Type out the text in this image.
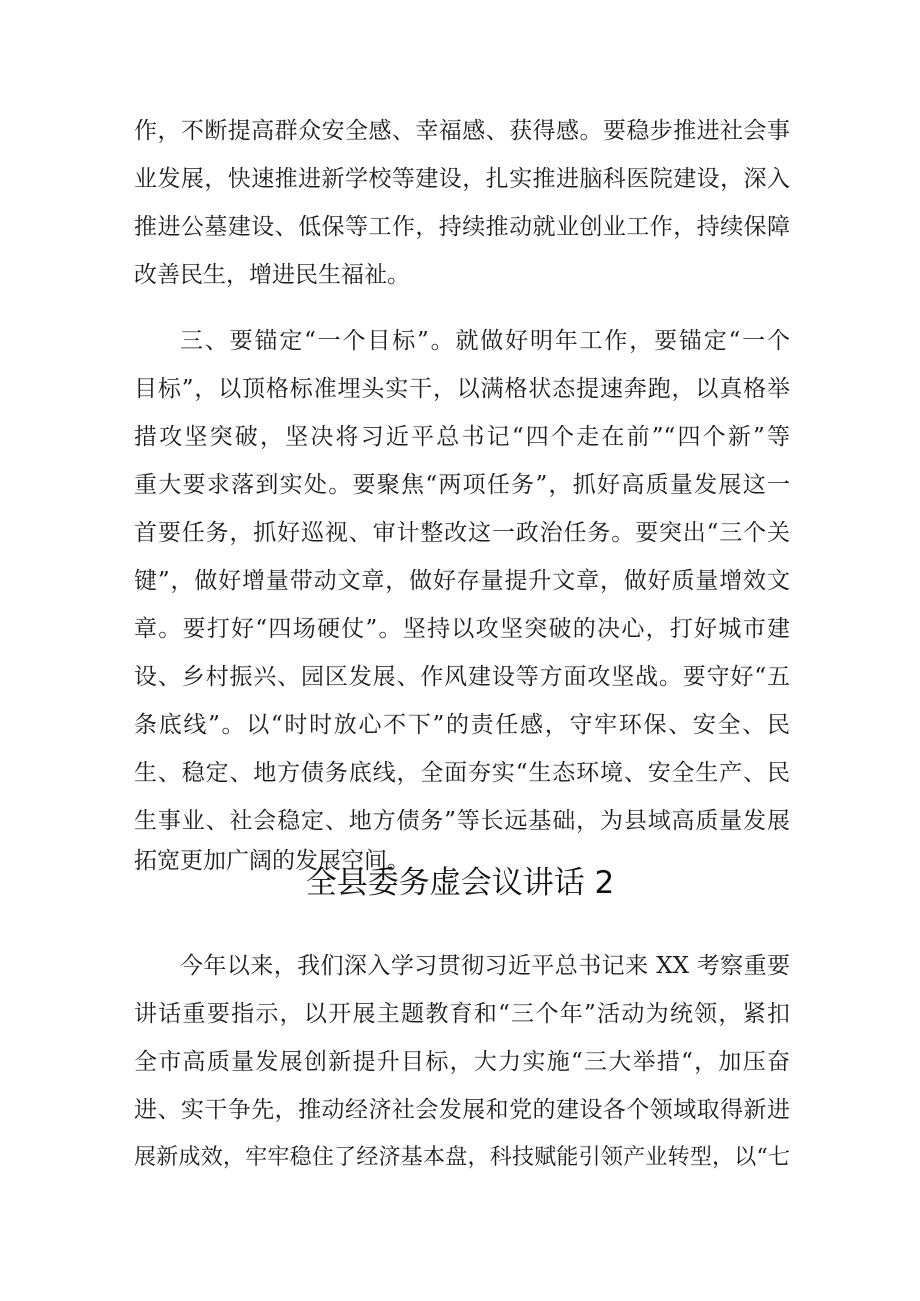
作，不断提高群众安全感、幸福感、获得感。要稳步推进社会事
业发展，快速推进新学校等建设，扎实推进脑科医院建设，深入
推进公墓建设、低保等工作，持续推动就业创业工作，持续保障
改善民生，增进民生福祉。
三、要锚定“一个目标”。就做好明年工作，要锚定“一个
目标”，以顶格标准埋头实干，以满格状态提速奔跑，以真格举
措攻坚突破，坚决将习近平总书记“四个走在前”“四个新”等
重大要求落到实处。要聚焦“两项任务”，抓好高质量发展这一
首要任务，抓好巡视、审计整改这一政治任务。要突出“三个关
键”，做好增量带动文章，做好存量提升文章，做好质量增效文
章。要打好“四场硬仗”。坚持以攻坚突破的决心，打好城市建
设、乡村振兴、园区发展、作风建设等方面攻坚战。要守好“五
条底线”。以“时时放心不下”的责任感，守牢环保、安全、民
生、稳定、地方债务底线，全面夯实“生态环境、安全生产、民
生事业、社会稳定、地方债务”等长远基础，为县域高质量发展
拓宽更加广阔的发展空间。
全县委务虚会议讲话 2
今年以来，我们深入学习贯彻习近平总书记来 XX 考察重要
讲话重要指示，以开展主题教育和“三个年”活动为统领，紧扣
全市高质量发展创新提升目标，大力实施“三大举措“，加压奋
进、实干争先，推动经济社会发展和党的建设各个领域取得新进
展新成效，牢牢稳住了经济基本盘，科技赋能引领产业转型，以“七
